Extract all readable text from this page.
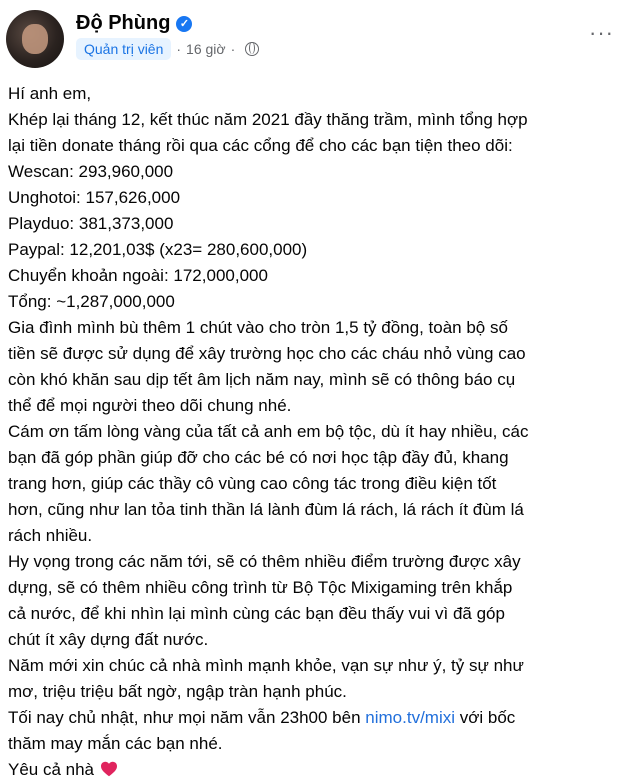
Độ Phùng ✓
Quản trị viên · 16 giờ ·
···
Hí anh em,
Khép lại tháng 12, kết thúc năm 2021 đầy thăng trầm, mình tổng hợp
lại tiền donate tháng rồi qua các cổng để cho các bạn tiện theo dõi:
Wescan: 293,960,000
Unghotoi: 157,626,000
Playduo: 381,373,000
Paypal: 12,201,03$ (x23= 280,600,000)
Chuyển khoản ngoài: 172,000,000
Tổng: ~1,287,000,000
Gia đình mình bù thêm 1 chút vào cho tròn 1,5 tỷ đồng, toàn bộ số
tiền sẽ được sử dụng để xây trường học cho các cháu nhỏ vùng cao
còn khó khăn sau dịp tết âm lịch năm nay, mình sẽ có thông báo cụ
thể để mọi người theo dõi chung nhé.
Cám ơn tấm lòng vàng của tất cả anh em bộ tộc, dù ít hay nhiều, các
bạn đã góp phần giúp đỡ cho các bé có nơi học tập đầy đủ, khang
trang hơn, giúp các thầy cô vùng cao công tác trong điều kiện tốt
hơn, cũng như lan tỏa tinh thần lá lành đùm lá rách, lá rách ít đùm lá
rách nhiều.
Hy vọng trong các năm tới, sẽ có thêm nhiều điểm trường được xây
dựng, sẽ có thêm nhiều công trình từ Bộ Tộc Mixigaming trên khắp
cả nước, để khi nhìn lại mình cùng các bạn đều thấy vui vì đã góp
chút ít xây dựng đất nước.
Năm mới xin chúc cả nhà mình mạnh khỏe, vạn sự như ý, tỷ sự như
mơ, triệu triệu bất ngờ, ngập tràn hạnh phúc.
Tối nay chủ nhật, như mọi năm vẫn 23h00 bên nimo.tv/mixi với bốc
thăm may mắn các bạn nhé.
Yêu cả nhà
